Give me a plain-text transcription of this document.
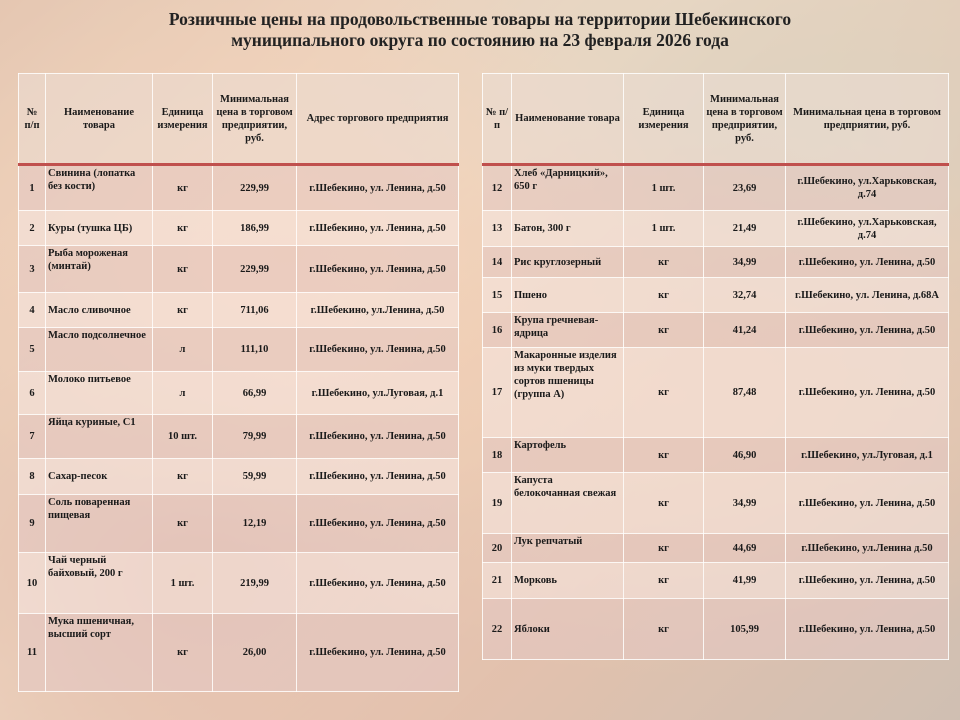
Розничные цены на продовольственные товары на территории Шебекинского
муниципального округа по состоянию на 23 февраля 2026 года
№ п/п	Наименование товара	Единица измерения	Минимальная цена в торговом предприятии, руб.	Адрес торгового предприятия
1	Свинина (лопатка без кости)	кг	229,99	г.Шебекино, ул. Ленина, д.50
2	Куры (тушка ЦБ)	кг	186,99	г.Шебекино, ул. Ленина, д.50
3	Рыба мороженая (минтай)	кг	229,99	г.Шебекино, ул. Ленина, д.50
4	Масло сливочное	кг	711,06	г.Шебекино, ул.Ленина, д.50
5	Масло подсолнечное	л	111,10	г.Шебекино, ул. Ленина, д.50
6	Молоко питьевое	л	66,99	г.Шебекино, ул.Луговая, д.1
7	Яйца куриные, С1	10 шт.	79,99	г.Шебекино, ул. Ленина, д.50
8	Сахар-песок	кг	59,99	г.Шебекино, ул. Ленина, д.50
9	Соль поваренная пищевая	кг	12,19	г.Шебекино, ул. Ленина, д.50
10	Чай черный байховый, 200 г	1 шт.	219,99	г.Шебекино, ул. Ленина, д.50
11	Мука пшеничная, высший сорт	кг	26,00	г.Шебекино, ул. Ленина, д.50
№ п/п	Наименование товара	Единица измерения	Минимальная цена в торговом предприятии, руб.	Минимальная цена в торговом предприятии, руб.
12	Хлеб «Дарницкий», 650 г	1 шт.	23,69	г.Шебекино, ул.Харьковская, д.74
13	Батон, 300 г	1 шт.	21,49	г.Шебекино, ул.Харьковская, д.74
14	Рис круглозерный	кг	34,99	г.Шебекино, ул. Ленина, д.50
15	Пшено	кг	32,74	г.Шебекино, ул. Ленина, д.68А
16	Крупа гречневая-ядрица	кг	41,24	г.Шебекино, ул. Ленина, д.50
17	Макаронные изделия из муки твердых сортов пшеницы (группа А)	кг	87,48	г.Шебекино, ул. Ленина, д.50
18	Картофель	кг	46,90	г.Шебекино, ул.Луговая, д.1
19	Капуста белокочанная свежая	кг	34,99	г.Шебекино, ул. Ленина, д.50
20	Лук репчатый	кг	44,69	г.Шебекино, ул.Ленина д.50
21	Морковь	кг	41,99	г.Шебекино, ул. Ленина, д.50
22	Яблоки	кг	105,99	г.Шебекино, ул. Ленина, д.50
